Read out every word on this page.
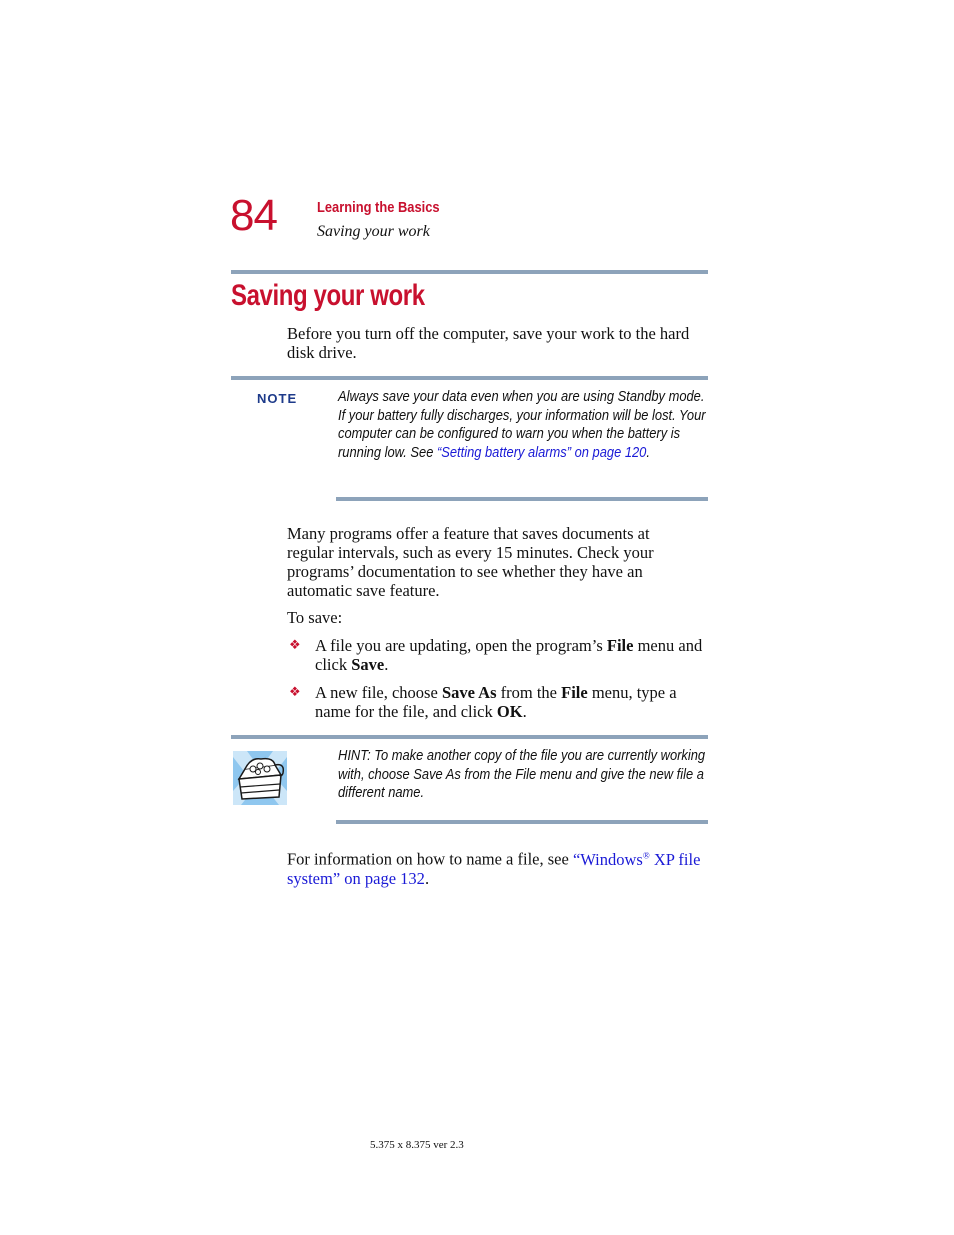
84	Learning the Basics
Saving your work
Saving your work
Before you turn off the computer, save your work to the hard disk drive.
NOTE	Always save your data even when you are using Standby mode. If your battery fully discharges, your information will be lost. Your computer can be configured to warn you when the battery is running low. See “Setting battery alarms” on page 120.
Many programs offer a feature that saves documents at regular intervals, such as every 15 minutes. Check your programs’ documentation to see whether they have an automatic save feature.
To save:
❖ A file you are updating, open the program’s File menu and click Save.
❖ A new file, choose Save As from the File menu, type a name for the file, and click OK.
HINT: To make another copy of the file you are currently working with, choose Save As from the File menu and give the new file a different name.
For information on how to name a file, see “Windows® XP file system” on page 132.
5.375 x 8.375 ver 2.3
